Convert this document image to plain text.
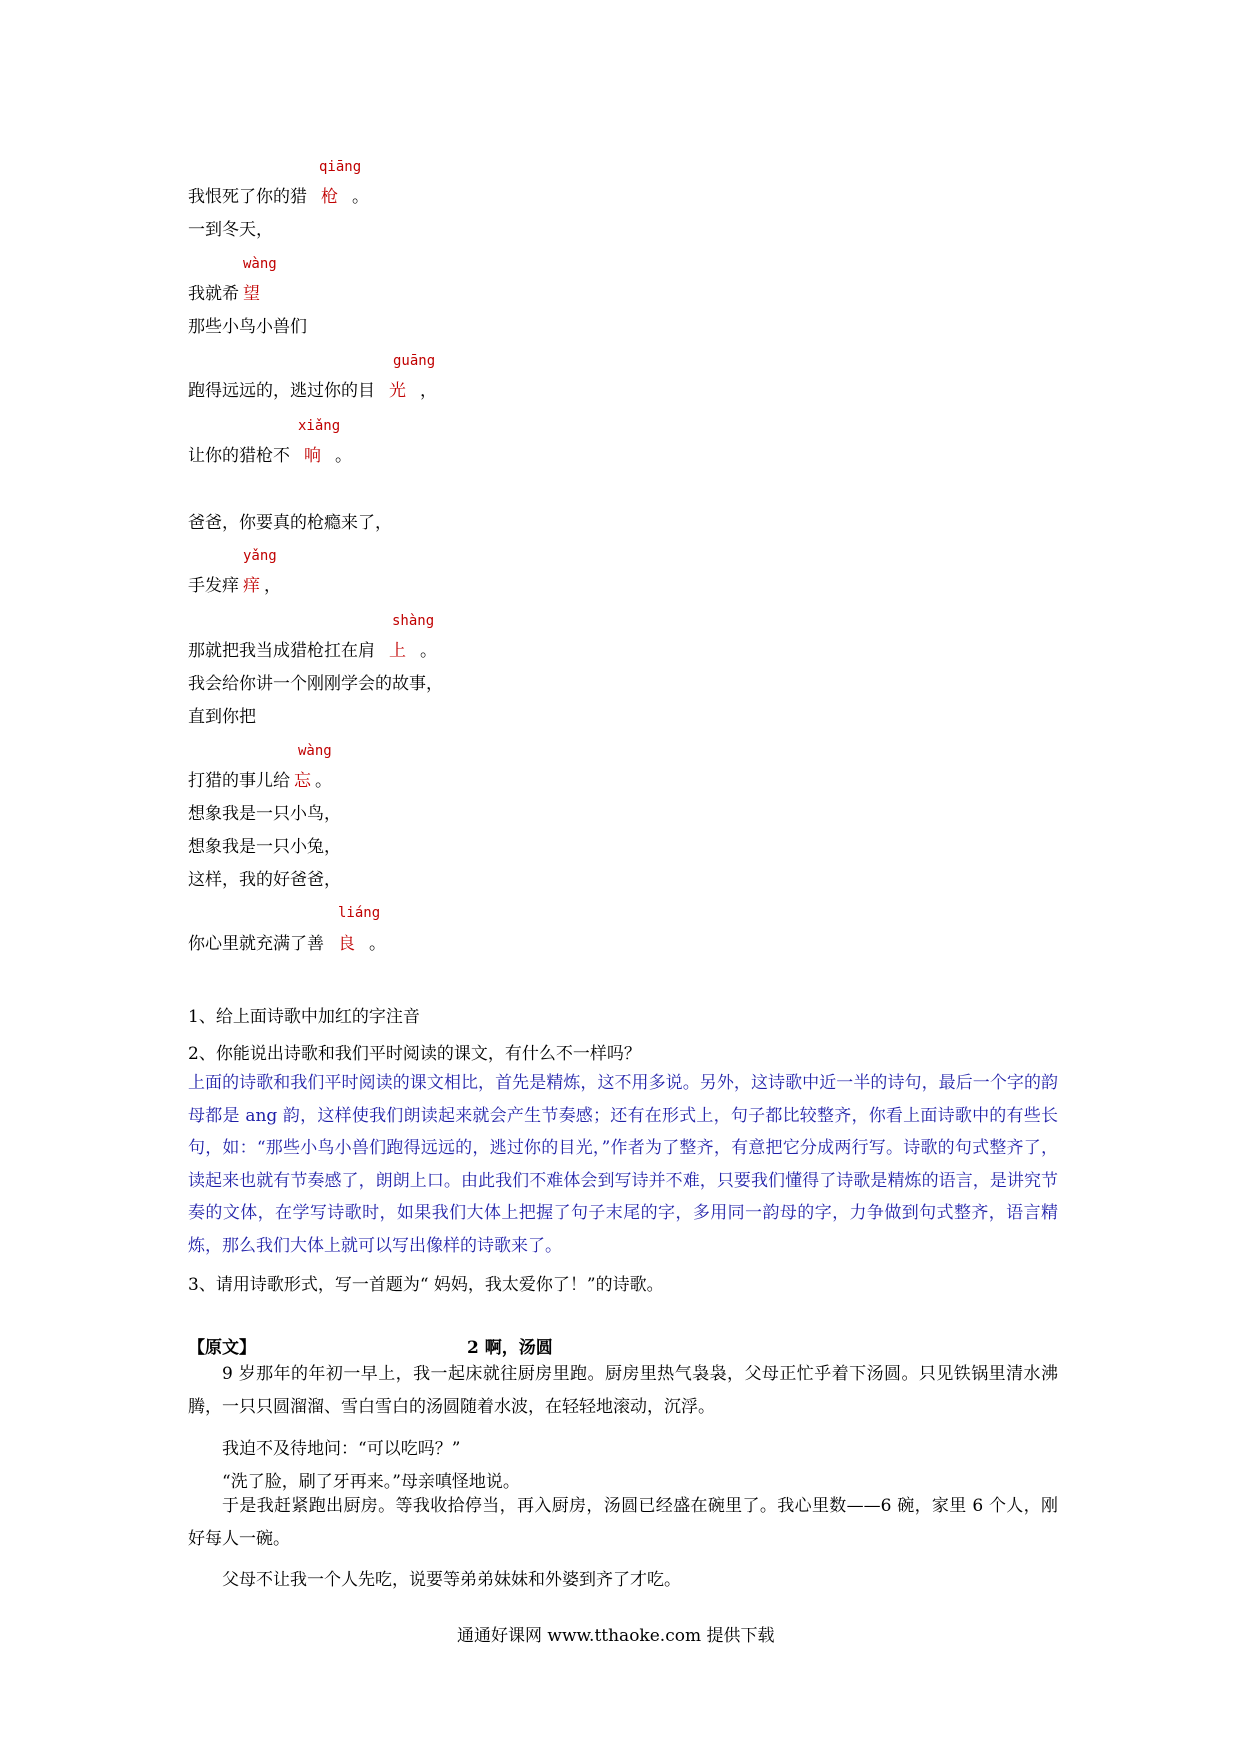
qiāng
我恨死了你的猎 枪 。
一到冬天，
wàng
我就希 望
那些小鸟小兽们
guāng
跑得远远的，逃过你的目 光 ，
xiǎng
让你的猎枪不 响 。
爸爸，你要真的枪瘾来了，
yǎng
手发痒 痒 ，
shàng
那就把我当成猎枪扛在肩 上 。
我会给你讲一个刚刚学会的故事，
直到你把
wàng
打猎的事儿给 忘 。
想象我是一只小鸟，
想象我是一只小兔，
这样，我的好爸爸，
liáng
你心里就充满了善 良 。
1、给上面诗歌中加红的字注音
2、你能说出诗歌和我们平时阅读的课文，有什么不一样吗？
上面的诗歌和我们平时阅读的课文相比，首先是精炼，这不用多说。另外，这诗歌中近一半的诗句，最后一个字的韵母都是 ang 韵，这样使我们朗读起来就会产生节奏感；还有在形式上，句子都比较整齐，你看上面诗歌中的有些长句，如：“那些小鸟小兽们跑得远远的，逃过你的目光，”作者为了整齐，有意把它分成两行写。诗歌的句式整齐了，读起来也就有节奏感了，朗朗上口。由此我们不难体会到写诗并不难，只要我们懂得了诗歌是精炼的语言，是讲究节奏的文体，在学写诗歌时，如果我们大体上把握了句子末尾的字，多用同一韵母的字，力争做到句式整齐，语言精炼，那么我们大体上就可以写出像样的诗歌来了。
3、请用诗歌形式，写一首题为“ 妈妈，我太爱你了！”的诗歌。
【原文】	2 啊，汤圆
9 岁那年的年初一早上，我一起床就往厨房里跑。厨房里热气袅袅，父母正忙乎着下汤圆。只见铁锅里清水沸腾，一只只圆溜溜、雪白雪白的汤圆随着水波，在轻轻地滚动，沉浮。
我迫不及待地问：“可以吃吗？”
“洗了脸，刷了牙再来。”母亲嗔怪地说。
于是我赶紧跑出厨房。等我收拾停当，再入厨房，汤圆已经盛在碗里了。我心里数——6 碗，家里 6 个人，刚好每人一碗。
父母不让我一个人先吃，说要等弟弟妹妹和外婆到齐了才吃。
通通好课网 www.tthaoke.com 提供下载
